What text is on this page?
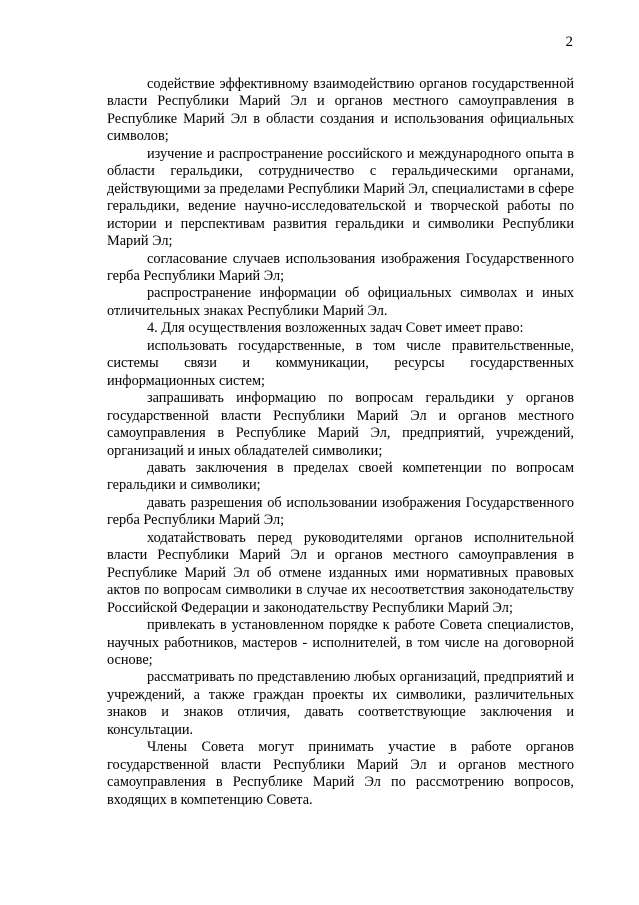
2

содействие эффективному взаимодействию органов государственной власти Республики Марий Эл и органов местного самоуправления в Республике Марий Эл в области создания и использования официальных символов;

изучение и распространение российского и международного опыта в области геральдики, сотрудничество с геральдическими органами, действующими за пределами Республики Марий Эл, специалистами в сфере геральдики, ведение научно-исследовательской и творческой работы по истории и перспективам развития геральдики и символики Республики Марий Эл;

согласование случаев использования изображения Государственного герба Республики Марий Эл;

распространение информации об официальных символах и иных отличительных знаках Республики Марий Эл.

4. Для осуществления возложенных задач Совет имеет право:

использовать государственные, в том числе правительственные, системы связи и коммуникации, ресурсы государственных информационных систем;

запрашивать информацию по вопросам геральдики у органов государственной власти Республики Марий Эл и органов местного самоуправления в Республике Марий Эл, предприятий, учреждений, организаций и иных обладателей символики;

давать заключения в пределах своей компетенции по вопросам геральдики и символики;

давать разрешения об использовании изображения Государственного герба Республики Марий Эл;

ходатайствовать перед руководителями органов исполнительной власти Республики Марий Эл и органов местного самоуправления в Республике Марий Эл об отмене изданных ими нормативных правовых актов по вопросам символики в случае их несоответствия законодательству Российской Федерации и законодательству Республики Марий Эл;

привлекать в установленном порядке к работе Совета специалистов, научных работников, мастеров - исполнителей, в том числе на договорной основе;

рассматривать по представлению любых организаций, предприятий и учреждений, а также граждан проекты их символики, различительных знаков и знаков отличия, давать соответствующие заключения и консультации.

Члены Совета могут принимать участие в работе органов государственной власти Республики Марий Эл и органов местного самоуправления в Республике Марий Эл по рассмотрению вопросов, входящих в компетенцию Совета.
